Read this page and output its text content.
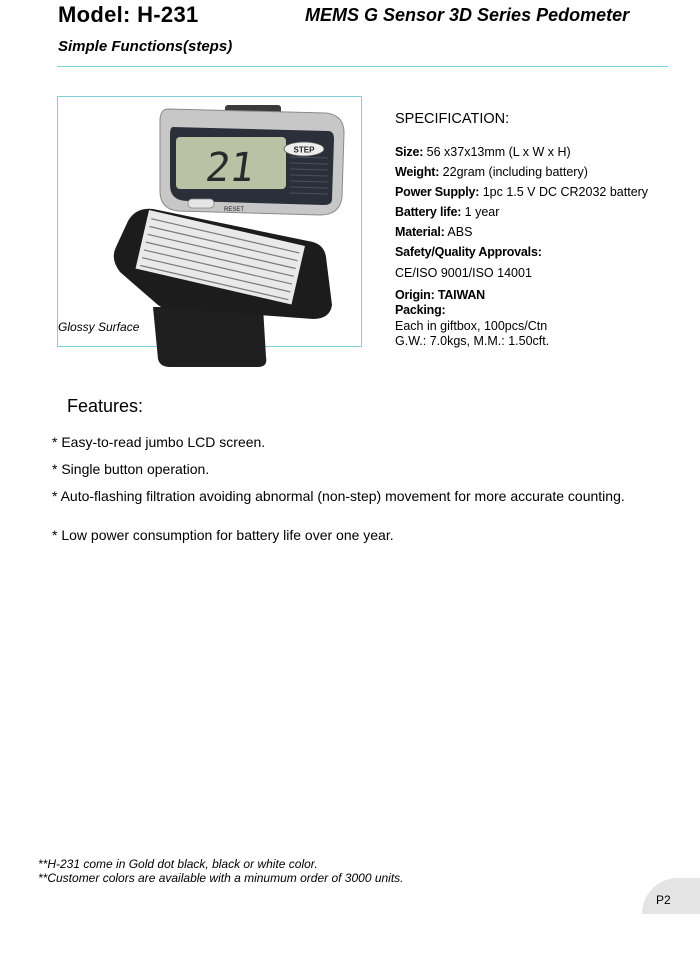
Model: H-231	MEMS G Sensor 3D Series Pedometer
Simple Functions(steps)
STEP
21
RESET
Glossy Surface
SPECIFICATION:
Size: 56 x37x13mm (L x W x H)
Weight: 22gram (including battery)
Power Supply: 1pc 1.5 V DC CR2032 battery
Battery life: 1 year
Material: ABS
Safety/Quality Approvals:
CE/ISO 9001/ISO 14001
Origin: TAIWAN
Packing:
Each in giftbox, 100pcs/Ctn
G.W.: 7.0kgs, M.M.: 1.50cft.
Features:
* Easy-to-read jumbo LCD screen.
* Single button operation.
* Auto-flashing filtration avoiding abnormal (non-step) movement for more accurate counting.
* Low power consumption for battery life over one year.
**H-231 come in Gold dot black, black or white color.
**Customer colors are available with a minumum order of 3000 units.
P2
